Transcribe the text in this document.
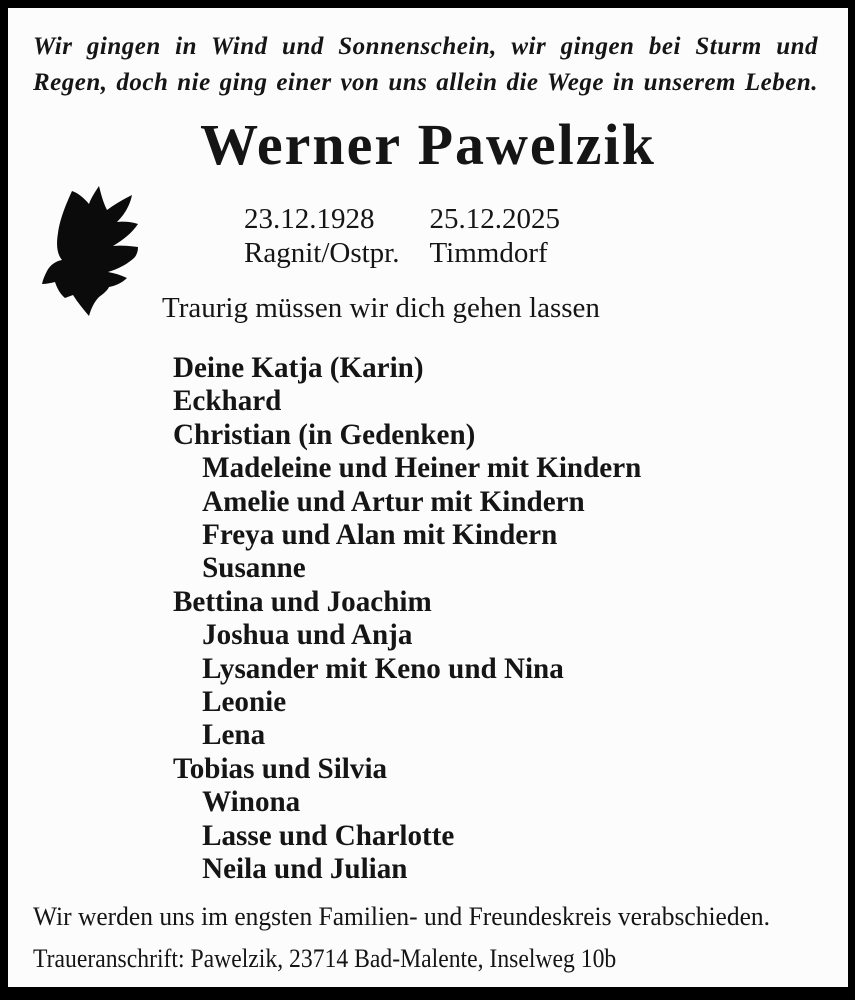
Wir gingen in Wind und Sonnenschein, wir gingen bei Sturm und
Regen, doch nie ging einer von uns allein die Wege in unserem Leben.
Werner Pawelzik
23.12.1928
Ragnit/Ostpr.
25.12.2025
Timmdorf
Traurig müssen wir dich gehen lassen
Deine Katja (Karin)
Eckhard
Christian (in Gedenken)
Madeleine und Heiner mit Kindern
Amelie und Artur mit Kindern
Freya und Alan mit Kindern
Susanne
Bettina und Joachim
Joshua und Anja
Lysander mit Keno und Nina
Leonie
Lena
Tobias und Silvia
Winona
Lasse und Charlotte
Neila und Julian
Wir werden uns im engsten Familien- und Freundeskreis verabschieden.
Traueranschrift: Pawelzik, 23714 Bad-Malente, Inselweg 10b
